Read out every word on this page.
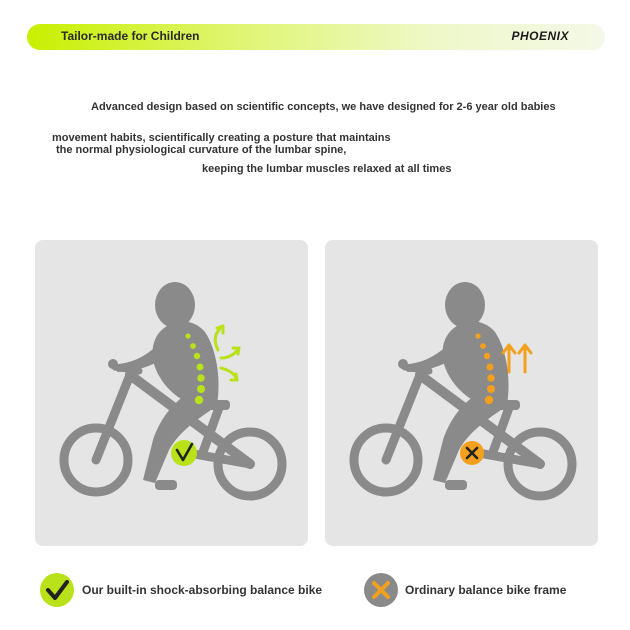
Tailor-made for Children	PHOENIX
Advanced design based on scientific concepts, we have designed for 2-6 year old babies
movement habits, scientifically creating a posture that maintains
the normal physiological curvature of the lumbar spine,
keeping the lumbar muscles relaxed at all times
Our built-in shock-absorbing balance bike	Ordinary balance bike frame
